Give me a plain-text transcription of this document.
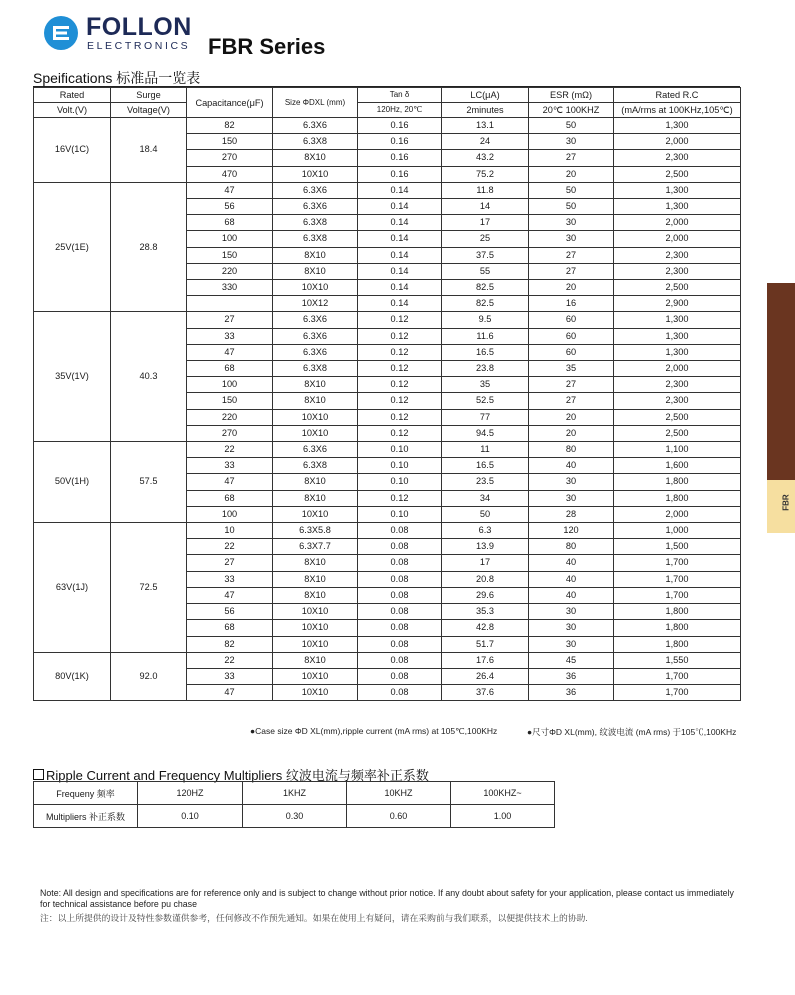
FOLLON
ELECTRONICS FBR Series
Speifications 标准品一览表
Rated	Surge	Capacitance(μF)	Size ΦDXL (mm)	Tan δ	LC(μA)	ESR (mΩ)	Rated R.C
Volt.(V)	Voltage(V)			120Hz, 20℃	2minutes	20℃ 100KHZ	(mA/rms at 100KHz,105℃)
16V(1C)	18.4	82	6.3X6	0.16	13.1	50	1,300
		150	6.3X8	0.16	24	30	2,000
		270	8X10	0.16	43.2	27	2,300
		470	10X10	0.16	75.2	20	2,500
25V(1E)	28.8	47	6.3X6	0.14	11.8	50	1,300
		56	6.3X6	0.14	14	50	1,300
		68	6.3X8	0.14	17	30	2,000
		100	6.3X8	0.14	25	30	2,000
		150	8X10	0.14	37.5	27	2,300
		220	8X10	0.14	55	27	2,300
		330	10X10	0.14	82.5	20	2,500
			10X12	0.14	82.5	16	2,900
35V(1V)	40.3	27	6.3X6	0.12	9.5	60	1,300
		33	6.3X6	0.12	11.6	60	1,300
		47	6.3X6	0.12	16.5	60	1,300
		68	6.3X8	0.12	23.8	35	2,000
		100	8X10	0.12	35	27	2,300
		150	8X10	0.12	52.5	27	2,300
		220	10X10	0.12	77	20	2,500
		270	10X10	0.12	94.5	20	2,500
50V(1H)	57.5	22	6.3X6	0.10	11	80	1,100
		33	6.3X8	0.10	16.5	40	1,600
		47	8X10	0.10	23.5	30	1,800
		68	8X10	0.12	34	30	1,800
		100	10X10	0.10	50	28	2,000
63V(1J)	72.5	10	6.3X5.8	0.08	6.3	120	1,000
		22	6.3X7.7	0.08	13.9	80	1,500
		27	8X10	0.08	17	40	1,700
		33	8X10	0.08	20.8	40	1,700
		47	8X10	0.08	29.6	40	1,700
		56	10X10	0.08	35.3	30	1,800
		68	10X10	0.08	42.8	30	1,800
		82	10X10	0.08	51.7	30	1,800
80V(1K)	92.0	22	8X10	0.08	17.6	45	1,550
		33	10X10	0.08	26.4	36	1,700
		47	10X10	0.08	37.6	36	1,700
●Case size ΦD XL(mm),ripple current (mA rms) at 105℃,100KHz	●尺寸ΦD XL(mm), 纹波电流 (mA rms) 于105℃,100KHz
Ripple Current and Frequency Multipliers 纹波电流与频率补正系数
Frequeny 频率	120HZ	1KHZ	10KHZ	100KHZ~
Multipliers 补正系数	0.10	0.30	0.60	1.00
Note: All design and specifications are for reference only and is subject to change without prior notice. If any doubt about safety for your application, please contact us immediately for technical assistance before pu chase
注：以上所提供的设计及特性参数谨供参考，任何修改不作预先通知。如果在使用上有疑问，请在采购前与我们联系，以便提供技术上的协助.
FBR
